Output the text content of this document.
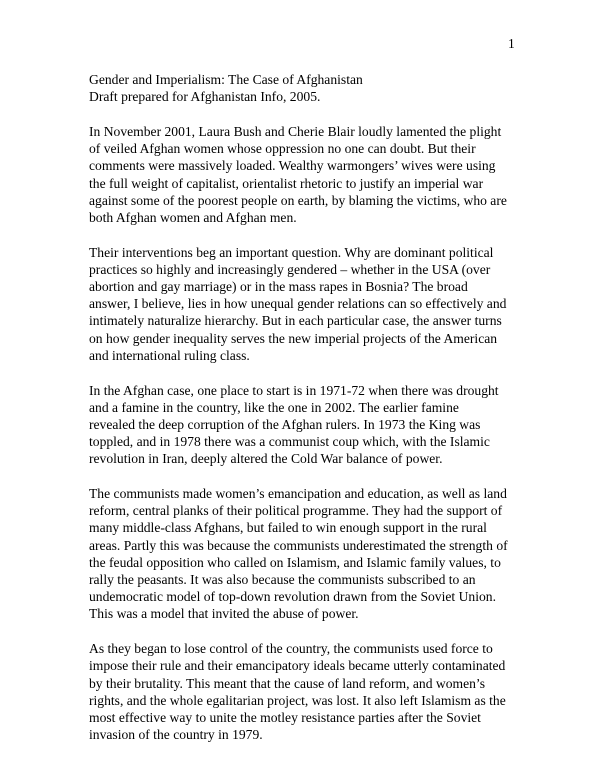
1
Gender and Imperialism: The Case of Afghanistan
Draft prepared for Afghanistan Info, 2005.
In November 2001, Laura Bush and Cherie Blair loudly lamented the plight
of veiled Afghan women whose oppression no one can doubt. But their
comments were massively loaded. Wealthy warmongers’ wives were using
the full weight of capitalist, orientalist rhetoric to justify an imperial war
against some of the poorest people on earth, by blaming the victims, who are
both Afghan women and Afghan men.
Their interventions beg an important question. Why are dominant political
practices so highly and increasingly gendered – whether in the USA (over
abortion and gay marriage) or in the mass rapes in Bosnia? The broad
answer, I believe, lies in how unequal gender relations can so effectively and
intimately naturalize hierarchy. But in each particular case, the answer turns
on how gender inequality serves the new imperial projects of the American
and international ruling class.
In the Afghan case, one place to start is in 1971-72 when there was drought
and a famine in the country, like the one in 2002. The earlier famine
revealed the deep corruption of the Afghan rulers. In 1973 the King was
toppled, and in 1978 there was a communist coup which, with the Islamic
revolution in Iran, deeply altered the Cold War balance of power.
The communists made women’s emancipation and education, as well as land
reform, central planks of their political programme. They had the support of
many middle-class Afghans, but failed to win enough support in the rural
areas. Partly this was because the communists underestimated the strength of
the feudal opposition who called on Islamism, and Islamic family values, to
rally the peasants. It was also because the communists subscribed to an
undemocratic model of top-down revolution drawn from the Soviet Union.
This was a model that invited the abuse of power.
As they began to lose control of the country, the communists used force to
impose their rule and their emancipatory ideals became utterly contaminated
by their brutality. This meant that the cause of land reform, and women’s
rights, and the whole egalitarian project, was lost. It also left Islamism as the
most effective way to unite the motley resistance parties after the Soviet
invasion of the country in 1979.
